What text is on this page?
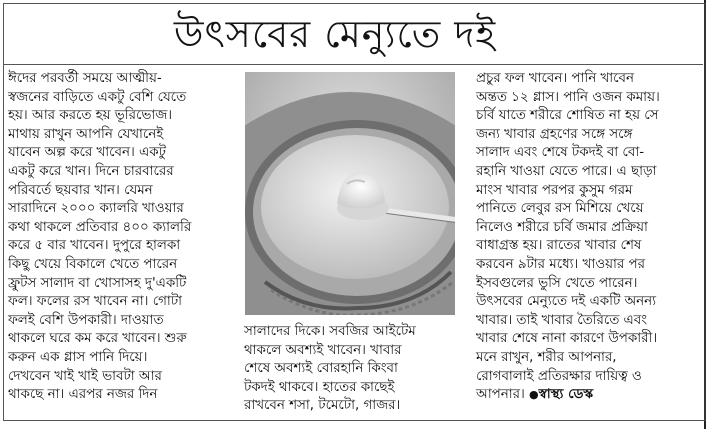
উৎসবের মেন্যুতে দই
ঈদের পরবর্তী সময়ে আত্মীয়-
স্বজনের বাড়িতে একটু বেশি যেতে
হয়। আর করতে হয় ভূরিভোজ।
মাথায় রাখুন আপনি যেখানেই
যাবেন অল্প করে খাবেন। একটু
একটু করে খান। দিনে চারবারের
পরিবর্তে ছয়বার খান। যেমন
সারাদিনে ২০০০ ক্যালরি খাওয়ার
কথা থাকলে প্রতিবার ৪০০ ক্যালরি
করে ৫ বার খাবেন। দুপুরে হালকা
কিছু খেয়ে বিকালে খেতে পারেন
ফ্রুটস সালাদ বা খোসাসহ দু'একটি
ফল। ফলের রস খাবেন না। গোটা
ফলই বেশি উপকারী। দাওয়াত
থাকলে ঘরে কম করে খাবেন। শুরু
করুন এক গ্লাস পানি দিয়ে।
দেখবেন খাই খাই ভাবটা আর
থাকছে না। এরপর নজর দিন
সালাদের দিকে। সবজির আইটেম
থাকলে অবশ্যই খাবেন। খাবার
শেষে অবশ্যই বোরহানি কিংবা
টকদই থাকবে। হাতের কাছেই
রাখবেন শসা, টমেটো, গাজর।
প্রচুর ফল খাবেন। পানি খাবেন
অন্তত ১২ গ্লাস। পানি ওজন কমায়।
চর্বি যাতে শরীরে শোষিত না হয় সে
জন্য খাবার গ্রহণের সঙ্গে সঙ্গে
সালাদ এবং শেষে টকদই বা বো-
রহানি খাওয়া যেতে পারে। এ ছাড়া
মাংস খাবার পরপর কুসুম গরম
পানিতে লেবুর রস মিশিয়ে খেয়ে
নিলেও শরীরে চর্বি জমার প্রক্রিয়া
বাধাগ্রস্ত হয়। রাতের খাবার শেষ
করবেন ৯টার মধ্যে। খাওয়ার পর
ইসবগুলের ভুসি খেতে পারেন।
উৎসবের মেন্যুতে দই একটি অনন্য
খাবার। তাই খাবার তৈরিতে এবং
খাবার শেষে নানা কারণে উপকারী।
মনে রাখুন, শরীর আপনার,
রোগবালাই প্রতিরক্ষার দায়িত্ব ও
আপনার। ●স্বাস্থ্য ডেস্ক
